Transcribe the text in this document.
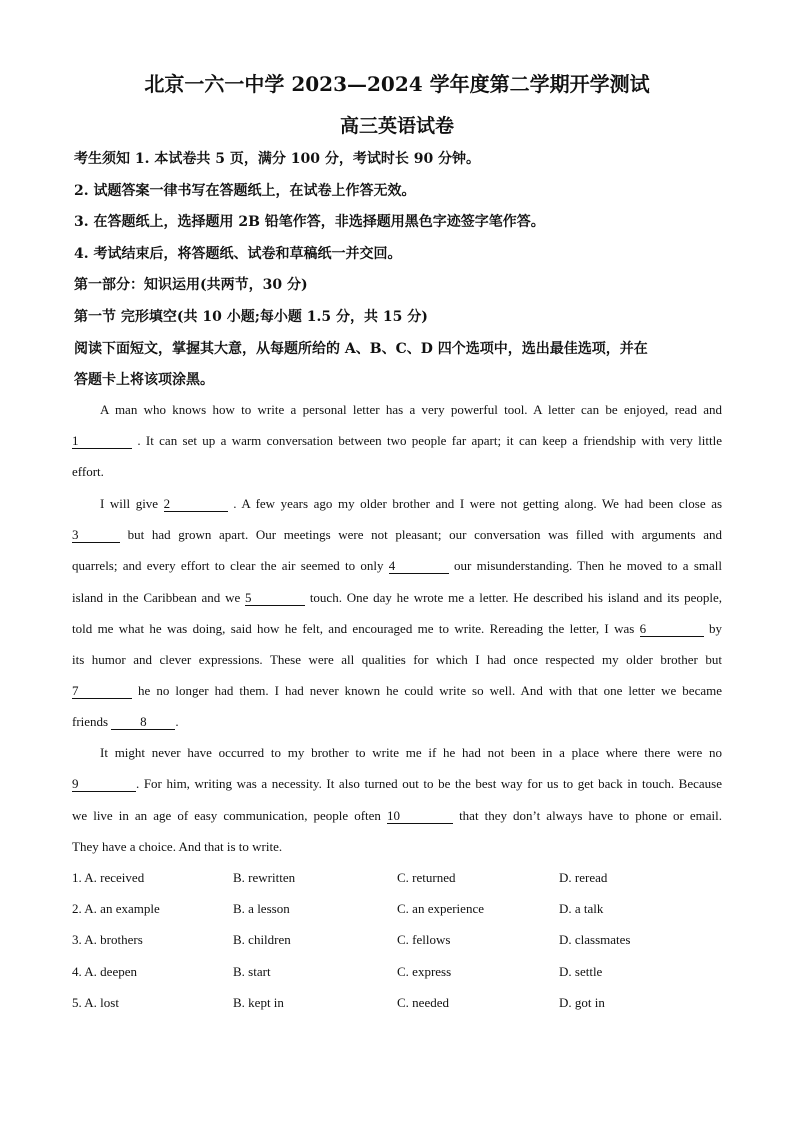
北京一六一中学 2023—2024 学年度第二学期开学测试
高三英语试卷
考生须知 1. 本试卷共 5 页，满分 100 分，考试时长 90 分钟。
2. 试题答案一律书写在答题纸上，在试卷上作答无效。
3. 在答题纸上，选择题用 2B 铅笔作答，非选择题用黑色字迹签字笔作答。
4. 考试结束后，将答题纸、试卷和草稿纸一并交回。
第一部分：知识运用(共两节，30 分)
第一节 完形填空(共 10 小题;每小题 1.5 分，共 15 分)
阅读下面短文，掌握其大意，从每题所给的 A、B、C、D 四个选项中，选出最佳选项，并在
答题卡上将该项涂黑。
A man who knows how to write a personal letter has a very powerful tool. A letter can be enjoyed, read and
1	. It can set up a warm conversation between two people far apart; it can keep a friendship with very little
effort.
I will give 2	. A few years ago my older brother and I were not getting along. We had been close as
3	but had grown apart. Our meetings were not pleasant; our conversation was filled with arguments and
quarrels; and every effort to clear the air seemed to only 4	our misunderstanding. Then he moved to a small
island in the Caribbean and we 5	touch. One day he wrote me a letter. He described his island and its people,
told me what he was doing, said how he felt, and encouraged me to write. Rereading the letter, I was 6	by
its humor and clever expressions. These were all qualities for which I had once respected my older brother but
7	he no longer had them. I had never known he could write so well. And with that one letter we became
friends 8 .
It might never have occurred to my brother to write me if he had not been in a place where there were no
9	. For him, writing was a necessity. It also turned out to be the best way for us to get back in touch. Because
we live in an age of easy communication, people often 10	that they don’t always have to phone or email.
They have a choice. And that is to write.
1. A. received	B. rewritten	C. returned	D. reread
2. A. an example	B. a lesson	C. an experience	D. a talk
3. A. brothers	B. children	C. fellows	D. classmates
4. A. deepen	B. start	C. express	D. settle
5. A. lost	B. kept in	C. needed	D. got in
